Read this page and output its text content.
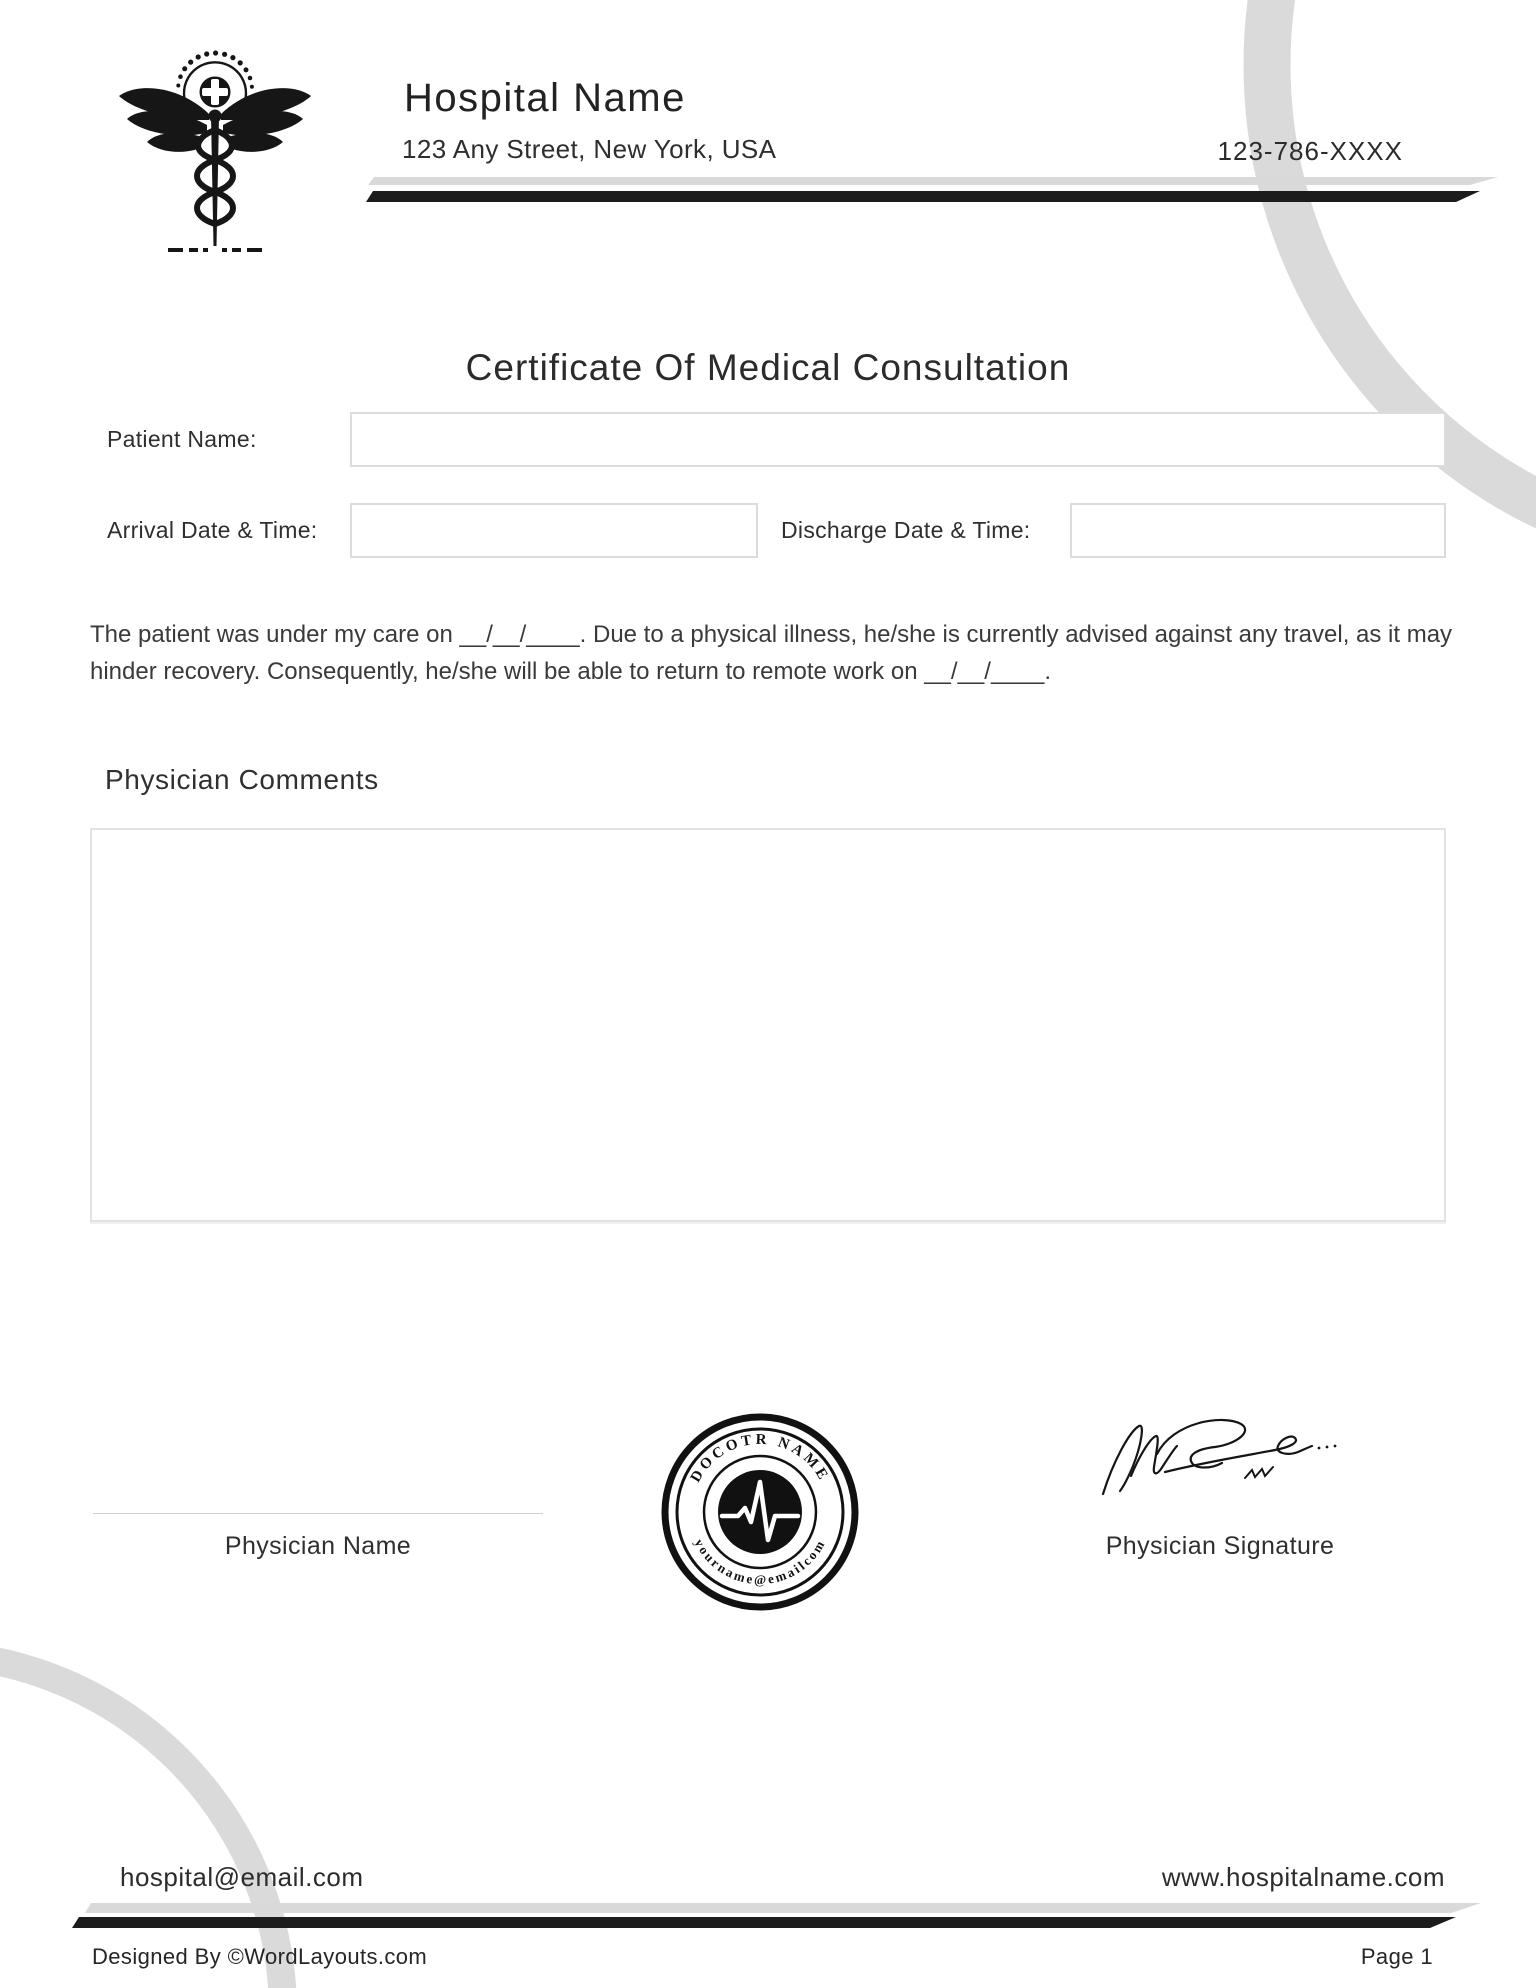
Hospital Name
123 Any Street, New York, USA	123-786-XXXX
Certificate Of Medical Consultation
Patient Name:
Arrival Date & Time:	Discharge Date & Time:
The patient was under my care on __/__/____. Due to a physical illness, he/she is currently advised against any travel, as it may hinder recovery. Consequently, he/she will be able to return to remote work on __/__/____.
Physician Comments
Physician Name
DOCOTR NAME
yourname@emailcom	Physician Signature
hospital@email.com	www.hospitalname.com
Designed By ©WordLayouts.com	Page 1
